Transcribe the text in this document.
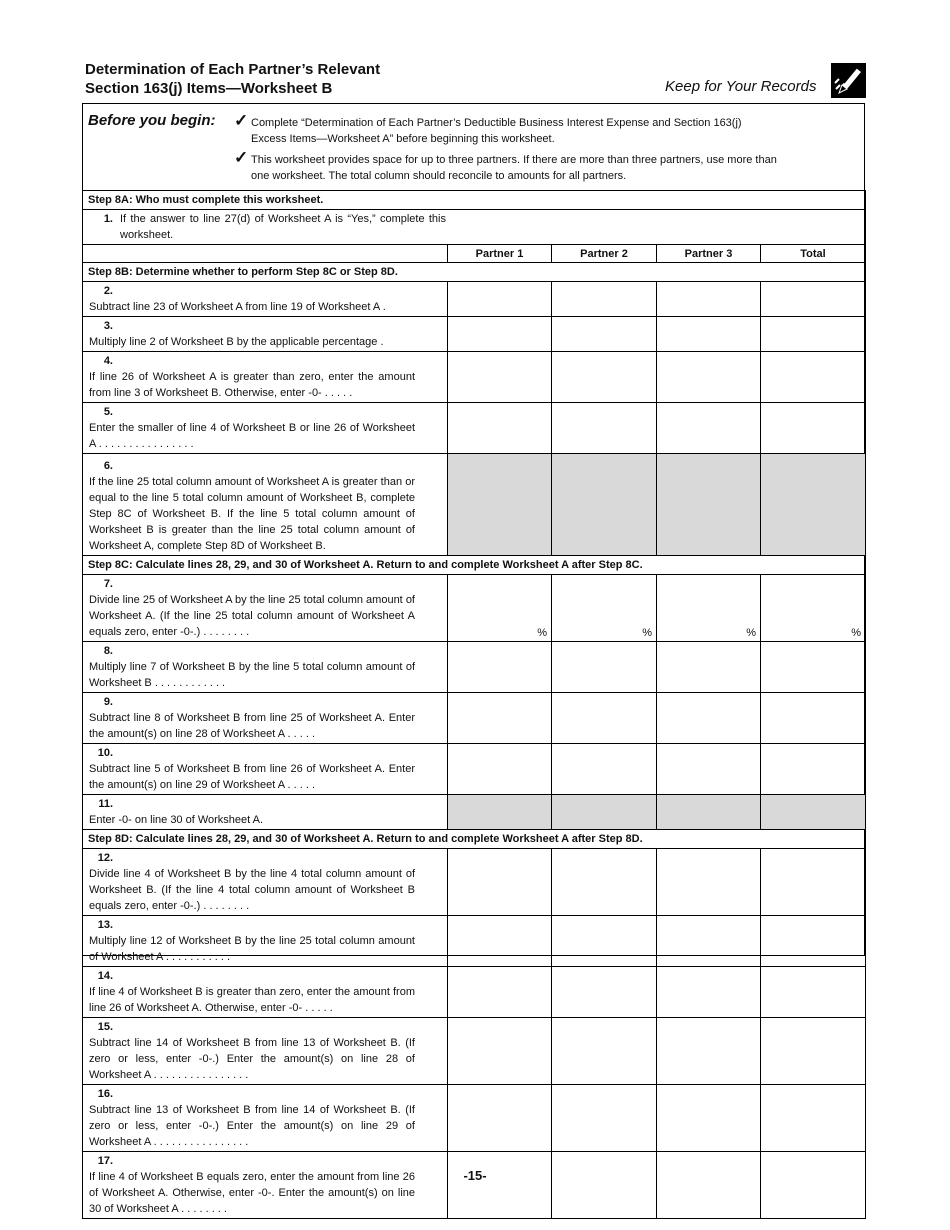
Determination of Each Partner’s Relevant
Section 163(j) Items—Worksheet B	Keep for Your Records
Before you begin: ✓ Complete “Determination of Each Partner’s Deductible Business Interest Expense and Section 163(j)
Excess Items—Worksheet A” before beginning this worksheet.
✓ This worksheet provides space for up to three partners. If there are more than three partners, use more than
one worksheet. The total column should reconcile to amounts for all partners.
Step 8A: Who must complete this worksheet.				
1. If the answer to line 27(d) of Worksheet A is “Yes,” complete this worksheet.				
	Partner 1	Partner 2	Partner 3	Total
Step 8B: Determine whether to perform Step 8C or Step 8D.				
2.Subtract line 23 of Worksheet A from line 19 of Worksheet A .				
3.Multiply line 2 of Worksheet B by the applicable percentage .				
4.If line 26 of Worksheet A is greater than zero, enter the amount from line 3 of Worksheet B. Otherwise, enter -0- . . . . .				
5.Enter the smaller of line 4 of Worksheet B or line 26 of Worksheet A . . . . . . . . . . . . . . . .				
6.If the line 25 total column amount of Worksheet A is greater than or equal to the line 5 total column amount of Worksheet B, complete Step 8C of Worksheet B. If the line 5 total column amount of Worksheet B is greater than the line 25 total column amount of Worksheet A, complete Step 8D of Worksheet B.				
Step 8C: Calculate lines 28, 29, and 30 of Worksheet A. Return to and complete Worksheet A after Step 8C.				
7.Divide line 25 of Worksheet A by the line 25 total column amount of Worksheet A. (If the line 25 total column amount of Worksheet A equals zero, enter -0-.) . . . . . . . .	%	%	%	%
8.Multiply line 7 of Worksheet B by the line 5 total column amount of Worksheet B . . . . . . . . . . . .				
9.Subtract line 8 of Worksheet B from line 25 of Worksheet A. Enter the amount(s) on line 28 of Worksheet A . . . . .				
10.Subtract line 5 of Worksheet B from line 26 of Worksheet A. Enter the amount(s) on line 29 of Worksheet A . . . . .				
11.Enter -0- on line 30 of Worksheet A.				
Step 8D: Calculate lines 28, 29, and 30 of Worksheet A. Return to and complete Worksheet A after Step 8D.				
12.Divide line 4 of Worksheet B by the line 4 total column amount of Worksheet B. (If the line 4 total column amount of Worksheet B equals zero, enter -0-.) . . . . . . . .				
13.Multiply line 12 of Worksheet B by the line 25 total column amount of Worksheet A . . . . . . . . . . .				
14.If line 4 of Worksheet B is greater than zero, enter the amount from line 26 of Worksheet A. Otherwise, enter -0- . . . . .				
15.Subtract line 14 of Worksheet B from line 13 of Worksheet B. (If zero or less, enter -0-.) Enter the amount(s) on line 28 of Worksheet A . . . . . . . . . . . . . . . .				
16.Subtract line 13 of Worksheet B from line 14 of Worksheet B. (If zero or less, enter -0-.) Enter the amount(s) on line 29 of Worksheet A . . . . . . . . . . . . . . . .				
17.If line 4 of Worksheet B equals zero, enter the amount from line 26 of Worksheet A. Otherwise, enter -0-. Enter the amount(s) on line 30 of Worksheet A . . . . . . . .				
-15-
